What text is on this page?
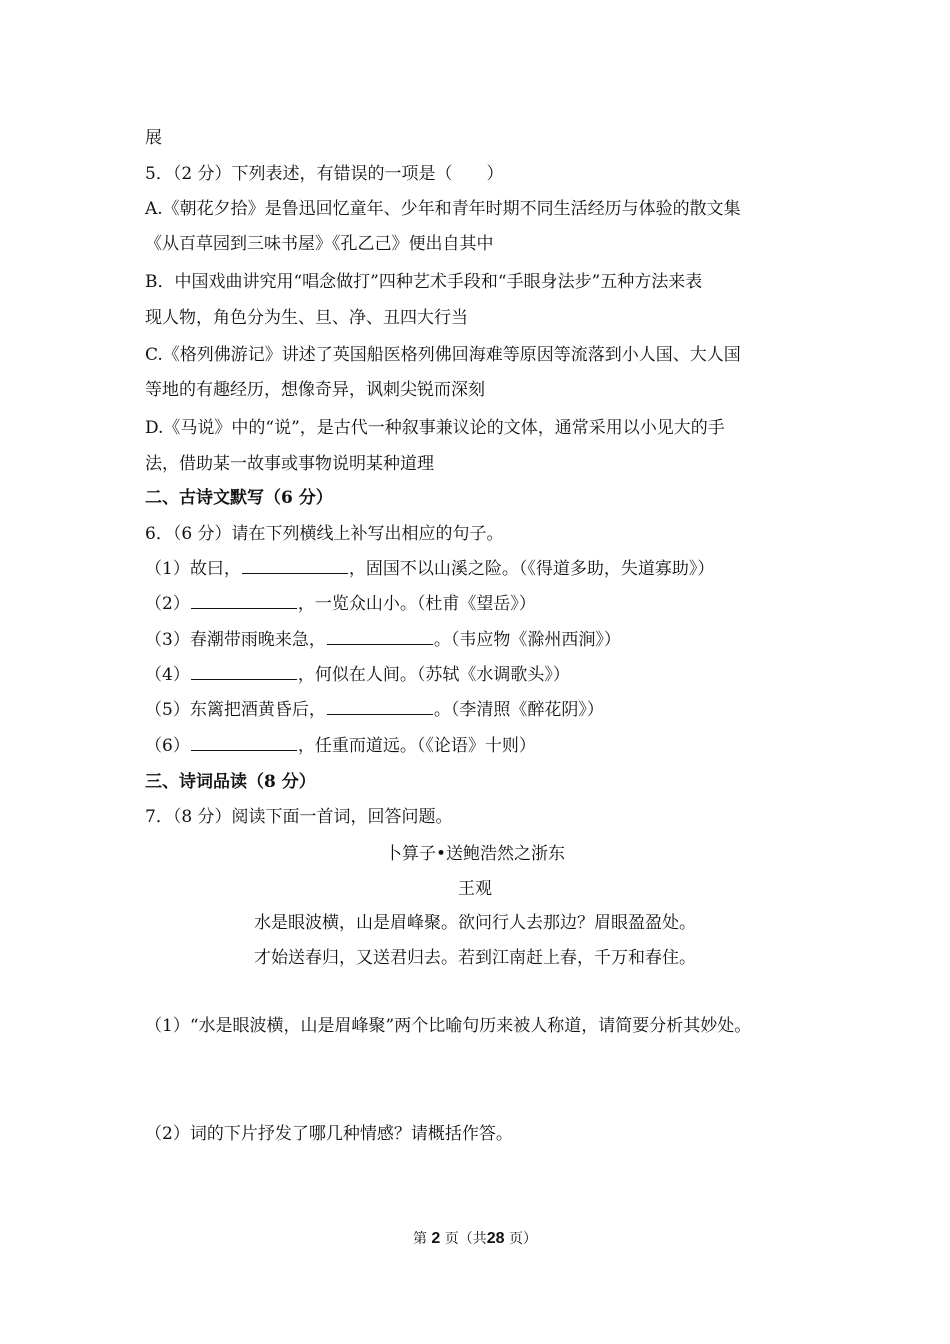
展
5．（2 分）下列表述，有错误的一项是（　　）
A.《朝花夕拾》是鲁迅回忆童年、少年和青年时期不同生活经历与体验的散文集
《从百草园到三味书屋》《孔乙己》便出自其中
B．中国戏曲讲究用“唱念做打”四种艺术手段和“手眼身法步”五种方法来表
现人物，角色分为生、旦、净、丑四大行当
C.《格列佛游记》讲述了英国船医格列佛回海难等原因等流落到小人国、大人国
等地的有趣经历，想像奇异，讽刺尖锐而深刻
D.《马说》中的“说”，是古代一种叙事兼议论的文体，通常采用以小见大的手
法，借助某一故事或事物说明某种道理
二、古诗文默写（6 分）
6．（6 分）请在下列横线上补写出相应的句子。
（1）故曰，	，固国不以山溪之险。（《得道多助，失道寡助》）
（2）	，一览众山小。（杜甫《望岳》）
（3）春潮带雨晚来急，	。（韦应物《滁州西涧》）
（4）	，何似在人间。（苏轼《水调歌头》）
（5）东篱把酒黄昏后，	。（李清照《醉花阴》）
（6）	，任重而道远。（《论语》十则）
三、诗词品读（8 分）
7．（8 分）阅读下面一首词，回答问题。
卜算子•送鲍浩然之浙东
王观
水是眼波横，山是眉峰聚。欲问行人去那边？眉眼盈盈处。
才始送春归，又送君归去。若到江南赶上春，千万和春住。
（1）“水是眼波横，山是眉峰聚”两个比喻句历来被人称道，请简要分析其妙处。
（2）词的下片抒发了哪几种情感？请概括作答。
第 2 页（共28 页）
